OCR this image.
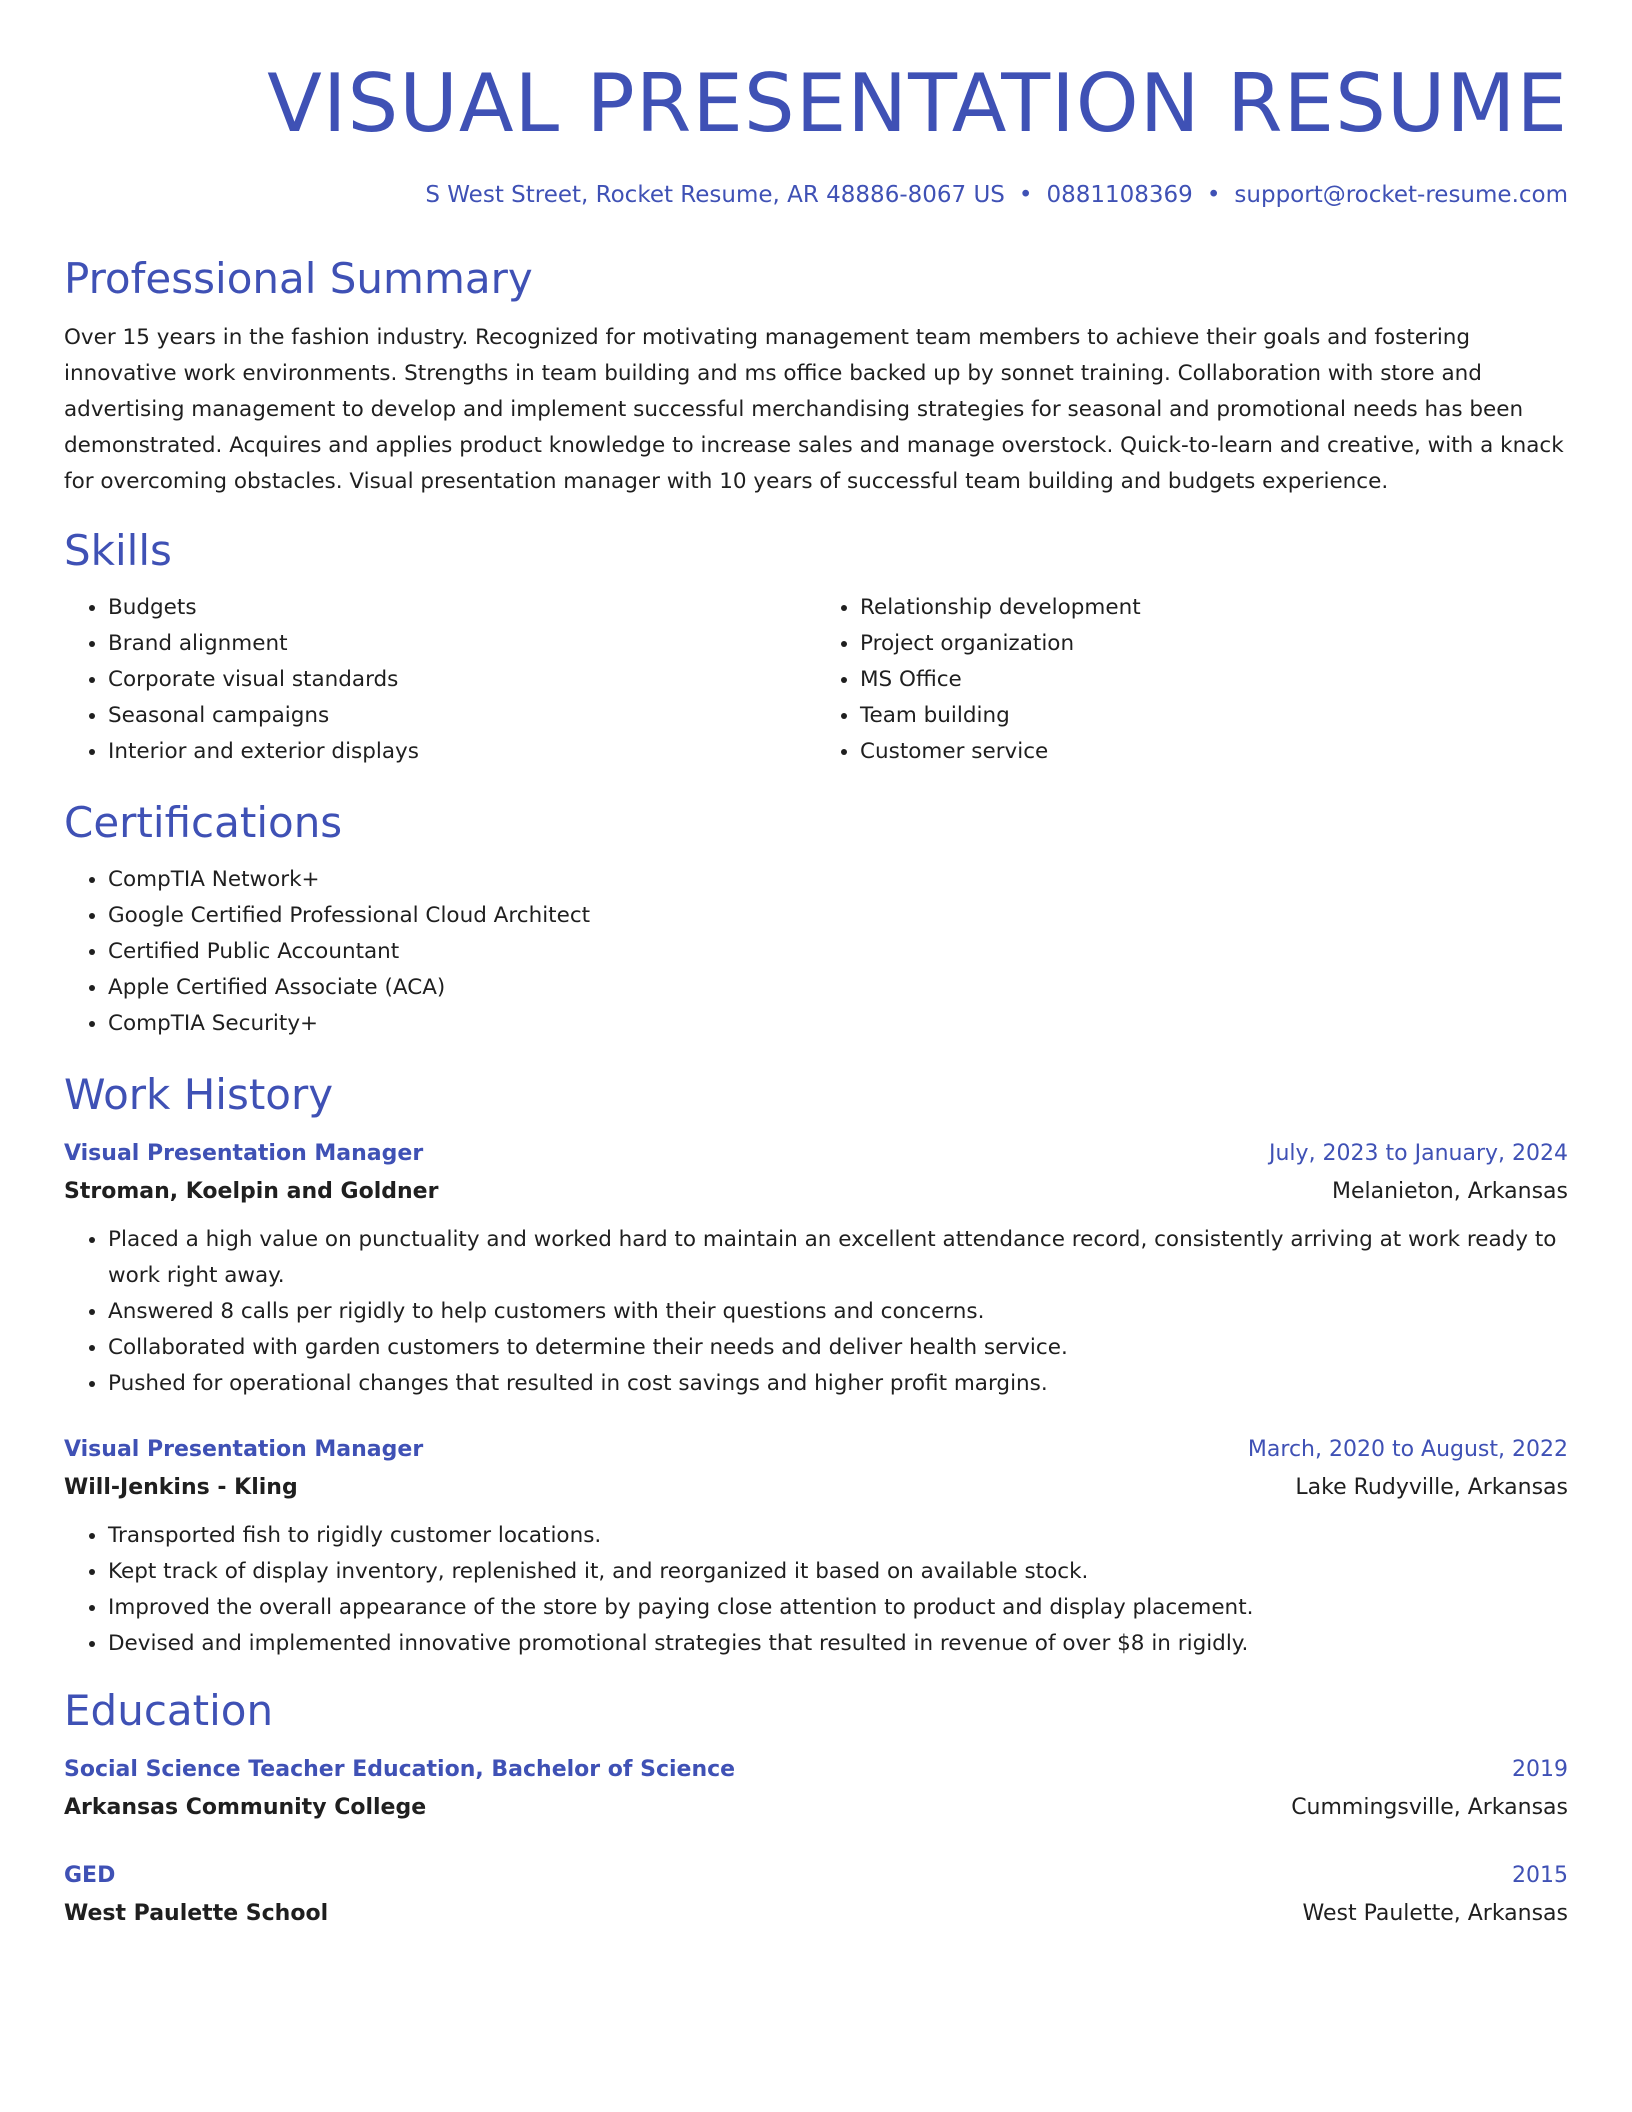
VISUAL PRESENTATION RESUME
S West Street, Rocket Resume, AR 48886-8067 US • 0881108369 • support@rocket-resume.com
Professional Summary

Over 15 years in the fashion industry. Recognized for motivating management team members to achieve their goals and fostering innovative work environments. Strengths in team building and ms office backed up by sonnet training. Collaboration with store and advertising management to develop and implement successful merchandising strategies for seasonal and promotional needs has been demonstrated. Acquires and applies product knowledge to increase sales and manage overstock. Quick-to-learn and creative, with a knack for overcoming obstacles. Visual presentation manager with 10 years of successful team building and budgets experience.

Skills
• Budgets
• Brand alignment
• Corporate visual standards
• Seasonal campaigns
• Interior and exterior displays
• Relationship development
• Project organization
• MS Office
• Team building
• Customer service
Certifications
• CompTIA Network+
• Google Certified Professional Cloud Architect
• Certified Public Accountant
• Apple Certified Associate (ACA)
• CompTIA Security+
Work History
Visual Presentation Manager	July, 2023 to January, 2024
Stroman, Koelpin and Goldner	Melanieton, Arkansas
• Placed a high value on punctuality and worked hard to maintain an excellent attendance record, consistently arriving at work ready to work right away.
• Answered 8 calls per rigidly to help customers with their questions and concerns.
• Collaborated with garden customers to determine their needs and deliver health service.
• Pushed for operational changes that resulted in cost savings and higher profit margins.
Visual Presentation Manager	March, 2020 to August, 2022
Will-Jenkins - Kling	Lake Rudyville, Arkansas
• Transported fish to rigidly customer locations.
• Kept track of display inventory, replenished it, and reorganized it based on available stock.
• Improved the overall appearance of the store by paying close attention to product and display placement.
• Devised and implemented innovative promotional strategies that resulted in revenue of over $8 in rigidly.
Education
Social Science Teacher Education, Bachelor of Science	2019
Arkansas Community College	Cummingsville, Arkansas
GED	2015
West Paulette School	West Paulette, Arkansas
